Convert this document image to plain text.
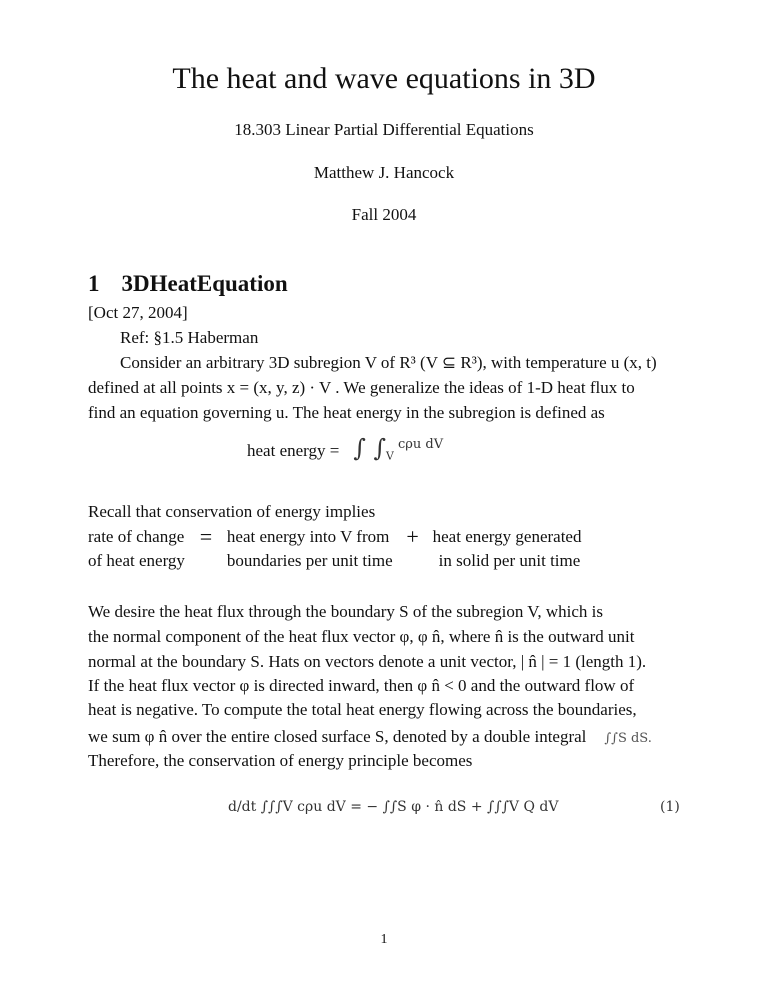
The heat and wave equations in 3D
18.303 Linear Partial Differential Equations
Matthew J. Hancock
Fall 2004
1 3DHeatEquation
[Oct 27, 2004]
Ref: §1.5 Haberman
Consider an arbitrary 3D subregion V of R³ (V ⊆ R³), with temperature u (x, t)
defined at all points x = (x, y, z) · V . We generalize the ideas of 1-D heat flux to
find an equation governing u. The heat energy in the subregion is defined as
heat energy = ∫ $\int_V$ cρu dV
Recall that conservation of energy implies
rate of change = heat energy into V from + heat energy generated
of heat energy boundaries per unit time	in solid per unit time
We desire the heat flux through the boundary S of the subregion V, which is
the normal component of the heat flux vector φ, φ n̂, where n̂ is the outward unit
normal at the boundary S. Hats on vectors denote a unit vector, | n̂ | = 1 (length 1).
If the heat flux vector φ is directed inward, then φ n̂ < 0 and the outward flow of
heat is negative. To compute the total heat energy flowing across the boundaries,
we sum φ n̂ over the entire closed surface S, denoted by a double integral ∫∫S dS.
Therefore, the conservation of energy principle becomes
d/dt ∫∫∫V cρu dV = − ∫∫S φ · n̂ dS + ∫∫∫V Q dV	(1)
1
